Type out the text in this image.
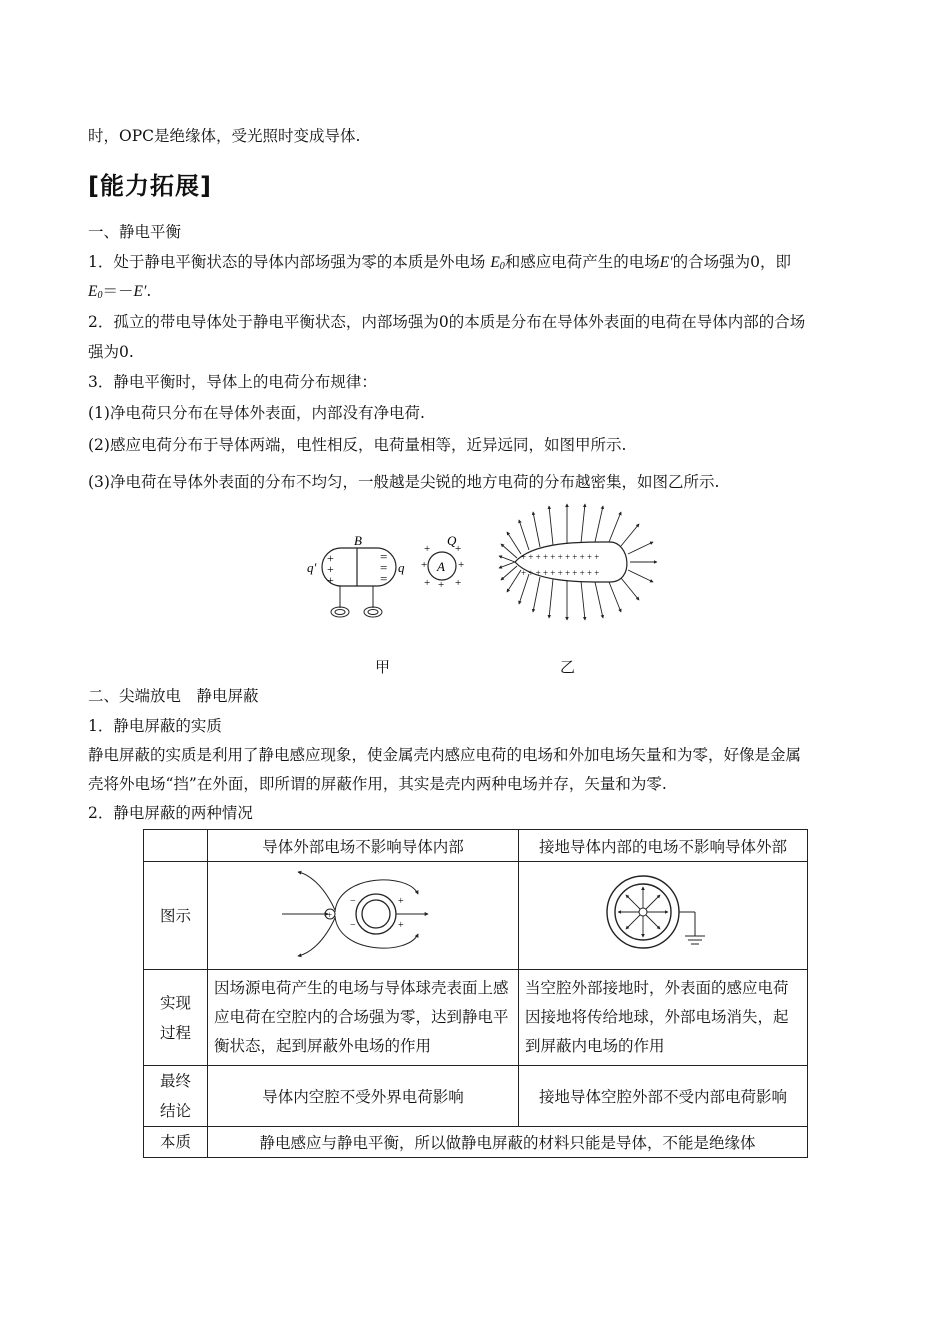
时，OPC是绝缘体，受光照时变成导体.
[能力拓展]
一、静电平衡
1．处于静电平衡状态的导体内部场强为零的本质是外电场 $E_0$和感应电荷产生的电场E′的合场强为0，即
$E_0=-E'$.
2．孤立的带电导体处于静电平衡状态，内部场强为0的本质是分布在导体外表面的电荷在导体内部的合场
强为0.
3．静电平衡时，导体上的电荷分布规律：
(1)净电荷只分布在导体外表面，内部没有净电荷.
(2)感应电荷分布于导体两端，电性相反，电荷量相等，近异远同，如图甲所示.
(3)净电荷在导体外表面的分布不均匀，一般越是尖锐的地方电荷的分布越密集，如图乙所示.
+
+
+
=
=
=
q′
B
q	A
Q
+ +
+	+
+ + +
+ + + + + + + + + + +
+ + + + + + + + + + +
甲	乙
二、尖端放电　静电屏蔽
1．静电屏蔽的实质
静电屏蔽的实质是利用了静电感应现象，使金属壳内感应电荷的电场和外加电场矢量和为零，好像是金属
壳将外电场“挡”在外面，即所谓的屏蔽作用，其实是壳内两种电场并存，矢量和为零.
2．静电屏蔽的两种情况
	导体外部电场不影响导体内部	接地导体内部的电场不影响导体外部
图示	+
+
+
−
−

实现
过程	因场源电荷产生的电场与导体球壳表面上感应电荷在空腔内的合场强为零，达到静电平衡状态，起到屏蔽外电场的作用	当空腔外部接地时，外表面的感应电荷因接地将传给地球，外部电场消失，起到屏蔽内电场的作用

最终
结论	导体内空腔不受外界电荷影响	接地导体空腔外部不受内部电荷影响
本质	静电感应与静电平衡，所以做静电屏蔽的材料只能是导体，不能是绝缘体	
